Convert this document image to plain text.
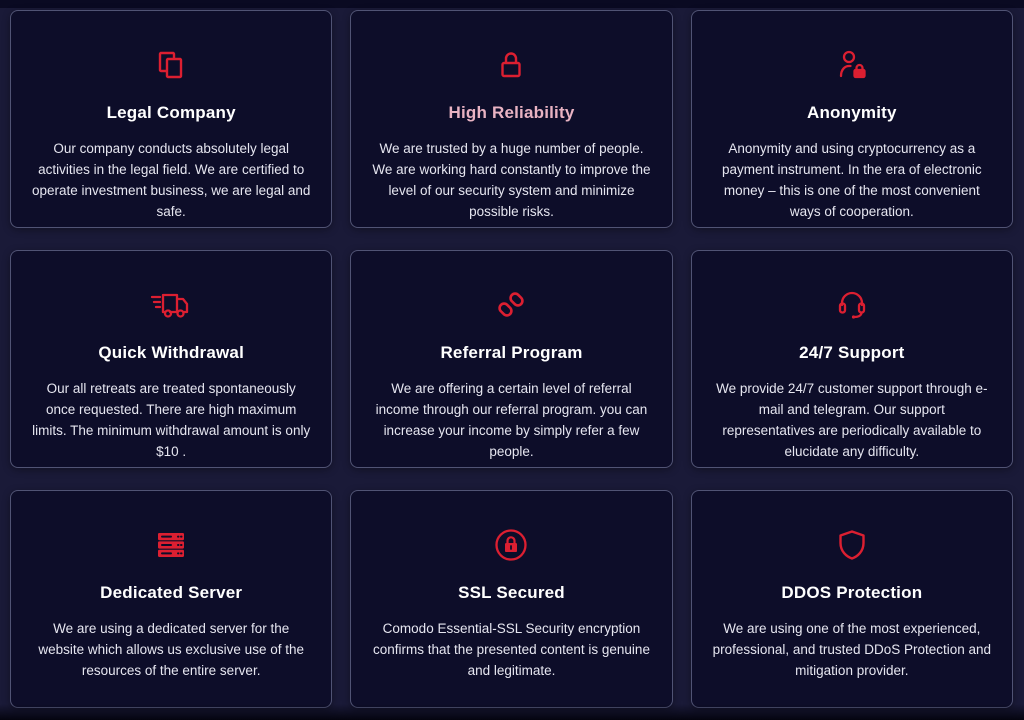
Legal Company

Our company conducts absolutely legal activities in the legal field. We are certified to operate investment business, we are legal and safe.

High Reliability

We are trusted by a huge number of people. We are working hard constantly to improve the level of our security system and minimize possible risks.

Anonymity

Anonymity and using cryptocurrency as a payment instrument. In the era of electronic money – this is one of the most convenient ways of cooperation.

Quick Withdrawal

Our all retreats are treated spontaneously once requested. There are high maximum limits. The minimum withdrawal amount is only $10 .

Referral Program

We are offering a certain level of referral income through our referral program. you can increase your income by simply refer a few people.

24/7 Support

We provide 24/7 customer support through e-mail and telegram. Our support representatives are periodically available to elucidate any difficulty.

Dedicated Server

We are using a dedicated server for the website which allows us exclusive use of the resources of the entire server.

SSL Secured

Comodo Essential-SSL Security encryption confirms that the presented content is genuine and legitimate.

DDOS Protection

We are using one of the most experienced, professional, and trusted DDoS Protection and mitigation provider.
